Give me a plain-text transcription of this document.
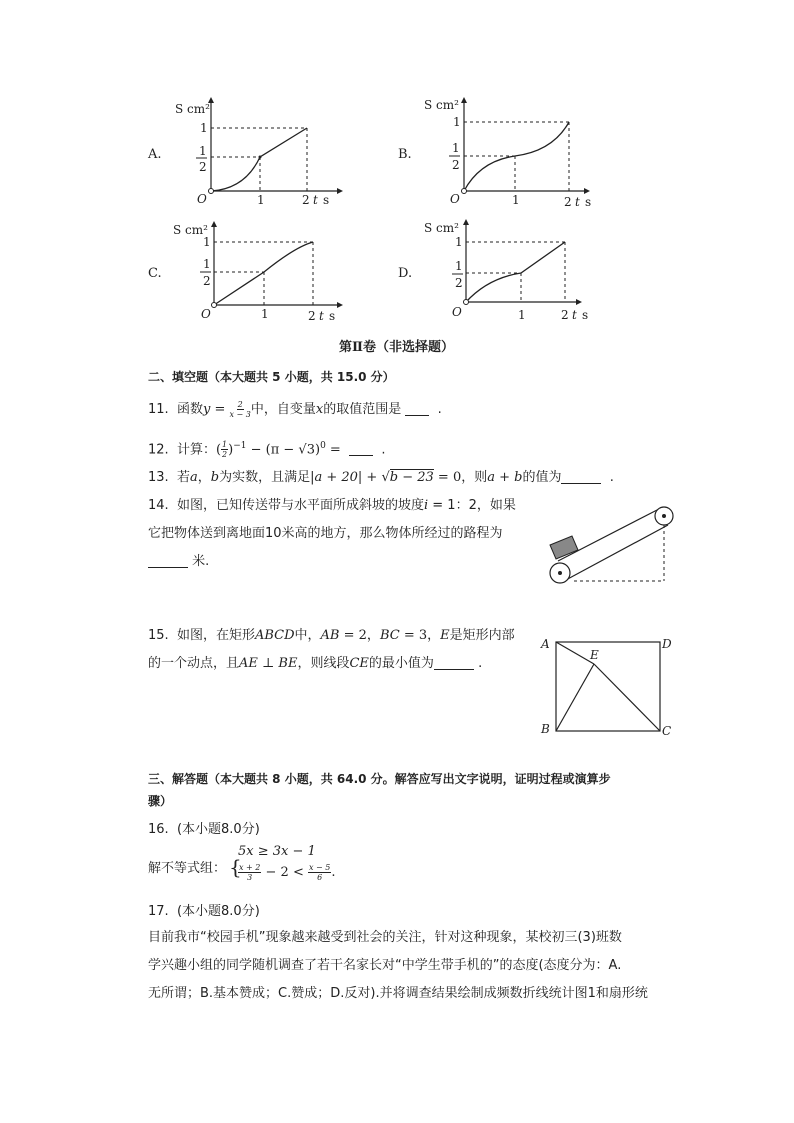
A.
S cm²
1
1
2
O	1	2 t s
B.
S cm²
1
1
2
O	1	2 t s
C.
S cm²
1
1
2
O	1	2 t s
D.
S cm²
1
1
2
O	1	2 t s
第Ⅱ卷（非选择题）
二、填空题（本大题共 5 小题，共 15.0 分）
11. 函数$y = \frac{2}{x - 3}$ 中，自变量x的取值范围是	.
12. 计算：( $\frac{1}{2} )^{-1} - (\pi - √3)^0$ =	.
13. 若a，b为实数，且满足|a + 20| + √b − 23 = 0，则a + b的值为	.
14. 如图，已知传送带与水平面所成斜坡的坡度i = 1：2，如果
它把物体送到离地面10米高的地方，那么物体所经过的路程为
米.
15. 如图，在矩形ABCD中，AB = 2，BC = 3，E是矩形内部
的一个动点，且AE ⊥ BE，则线段CE的最小值为	.
A	D
B	C
E
三、解答题（本大题共 8 小题，共 64.0 分。解答应写出文字说明，证明过程或演算步
骤）
16. (本小题8.0分)
解不等式组： {
5x ≥ 3x − 1
$\frac{x + 2}{3} - 2 < \frac{x - 5}{6}$ .
17. (本小题8.0分)
目前我市“校园手机”现象越来越受到社会的关注，针对这种现象，某校初三(3)班数
学兴趣小组的同学随机调查了若干名家长对“中学生带手机的”的态度(态度分为：A.
无所谓；B.基本赞成；C.赞成；D.反对).并将调查结果绘制成频数折线统计图1和扇形统
